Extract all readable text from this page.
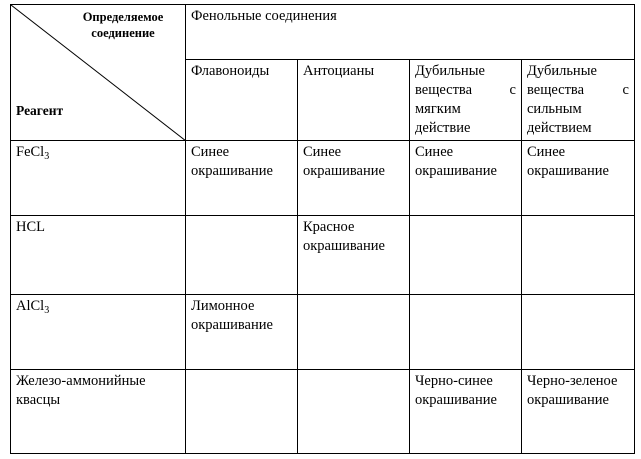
Определяемое соединение
Реагент	Фенольные соединения			
	Флавоноиды	Антоцианы	Дубильные вещества с мягким действие	Дубильные вещества с сильным действием

FeCl$_3$	Синее окрашивание	Синее окрашивание	Синее окрашивание	Синее окрашивание
HCL		Красное окрашивание		
AlCl$_3$	Лимонное окрашивание			

Железо-аммонийные квасцы			Черно-синее окрашивание	Черно-зеленое окрашивание
